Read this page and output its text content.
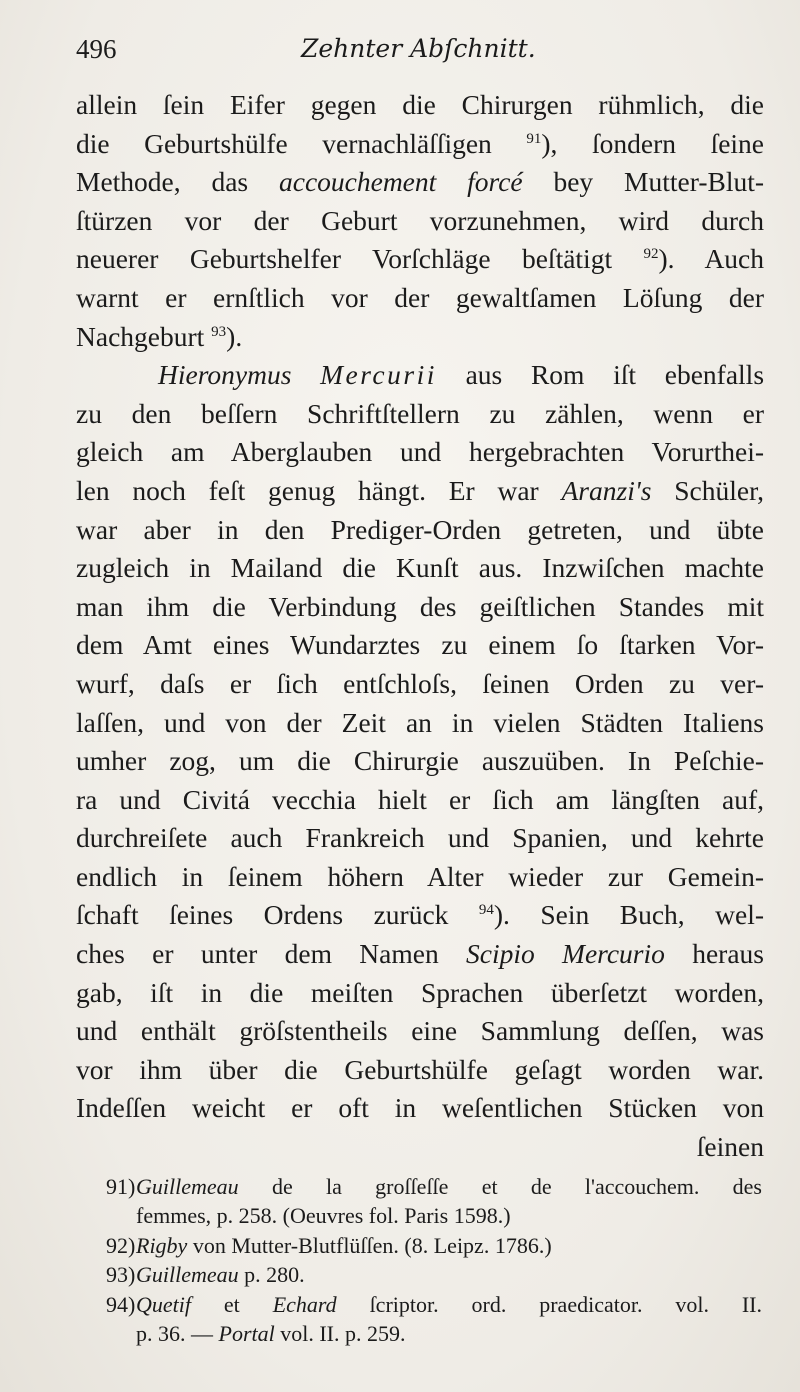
496	Zehnter Abſchnitt.
allein ſein Eifer gegen die Chirurgen rühmlich, die
die Geburtshülfe vernachläſſigen $^{91}$), ſondern ſeine
Methode, das accouchement forcé bey Mutter-Blut-
ſtürzen vor der Geburt vorzunehmen, wird durch
neuerer Geburtshelfer Vorſchläge beſtätigt $^{92}$). Auch
warnt er ernſtlich vor der gewaltſamen Löſung der
Nachgeburt $^{93}$).
Hieronymus Mercurii aus Rom iſt ebenfalls
zu den beſſern Schriftſtellern zu zählen, wenn er
gleich am Aberglauben und hergebrachten Vorurthei-
len noch feſt genug hängt. Er war Aranzi's Schüler,
war aber in den Prediger-Orden getreten, und übte
zugleich in Mailand die Kunſt aus. Inzwiſchen machte
man ihm die Verbindung des geiſtlichen Standes mit
dem Amt eines Wundarztes zu einem ſo ſtarken Vor-
wurf, daſs er ſich entſchloſs, ſeinen Orden zu ver-
laſſen, und von der Zeit an in vielen Städten Italiens
umher zog, um die Chirurgie auszuüben. In Peſchie-
ra und Civitá vecchia hielt er ſich am längſten auf,
durchreiſete auch Frankreich und Spanien, und kehrte
endlich in ſeinem höhern Alter wieder zur Gemein-
ſchaft ſeines Ordens zurück $^{94}$). Sein Buch, wel-
ches er unter dem Namen Scipio Mercurio heraus
gab, iſt in die meiſten Sprachen überſetzt worden,
und enthält gröſstentheils eine Sammlung deſſen, was
vor ihm über die Geburtshülfe geſagt worden war.
Indeſſen weicht er oft in weſentlichen Stücken von
ſeinen
91)Guillemeau de la groſſeſſe et de l'accouchem. des
femmes, p. 258. (Oeuvres fol. Paris 1598.)
92)Rigby von Mutter-Blutflüſſen. (8. Leipz. 1786.)
93)Guillemeau p. 280.
94)Quetif et Echard ſcriptor. ord. praedicator. vol. II.
p. 36. — Portal vol. II. p. 259.
